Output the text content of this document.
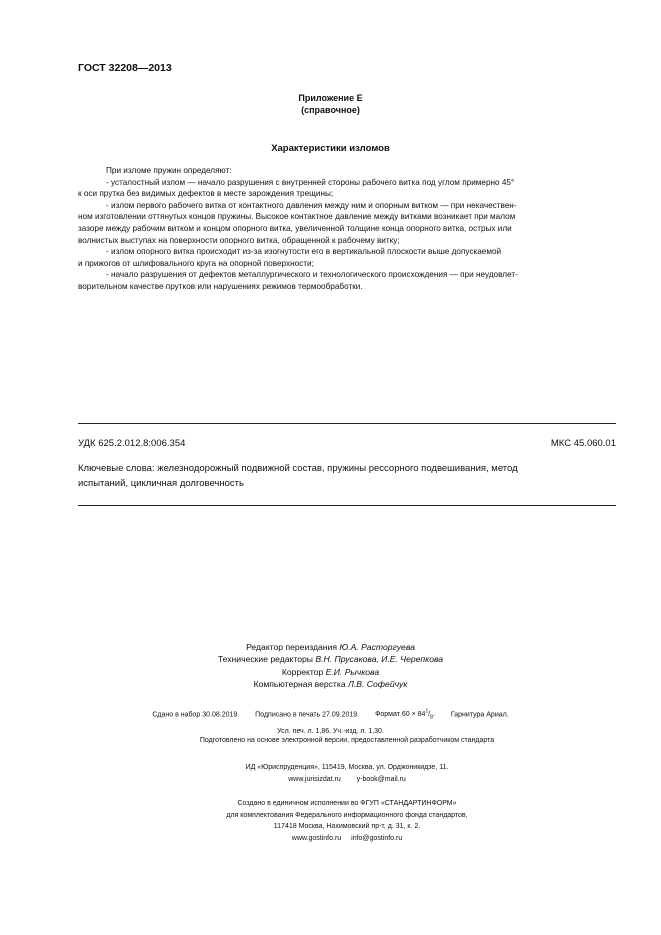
ГОСТ 32208—2013
Приложение Е
(справочное)
Характеристики изломов

При изломе пружин определяют:

- усталостный излом — начало разрушения с внутренней стороны рабочего витка под углом примерно 45°

к оси прутка без видимых дефектов в месте зарождения трещины;

- излом первого рабочего витка от контактного давления между ним и опорным витком — при некачествен-

ном изготовлении оттянутых концов пружины. Высокое контактное давление между витками возникает при малом

зазоре между рабочим витком и концом опорного витка, увеличенной толщине конца опорного витка, острых или

волнистых выступах на поверхности опорного витка, обращенной к рабочему витку;

- излом опорного витка происходит из-за изогнутости его в вертикальной плоскости выше допускаемой

и прижогов от шлифовального круга на опорной поверхности;

- начало разрушения от дефектов металлургического и технологического происхождения — при неудовлет-

ворительном качестве прутков или нарушениях режимов термообработки.

УДК 625.2.012.8:006.354	МКС 45.060.01
Ключевые слова: железнодорожный подвижной состав, пружины рессорного подвешивания, метод
испытаний, цикличная долговечность
Редактор переиздания Ю.А. Расторгуева
Технические редакторы В.Н. Прусакова, И.Е. Черепкова
Корректор Е.И. Рычкова
Компьютерная верстка Л.В. Софейчук
Сдано в набор 30.08.2019. Подписано в печать 27.09.2019. Формат $60 \times 84^1/_8$. Гарнитура Ариал.
Усл. печ. л. 1,86. Уч.-изд. л. 1,30.
Подготовлено на основе электронной версии, предоставленной разработчиком стандарта
ИД «Юриспруденция», 115419, Москва, ул. Орджоникидзе, 11.
www.jurisizdat.ru y-book@mail.ru
Создано в единичном исполнении во ФГУП «СТАНДАРТИНФОРМ»
для комплектования Федерального информационного фонда стандартов,
117418 Москва, Нахимовский пр-т, д. 31, к. 2.
www.gostinfo.ru info@gostinfo.ru
